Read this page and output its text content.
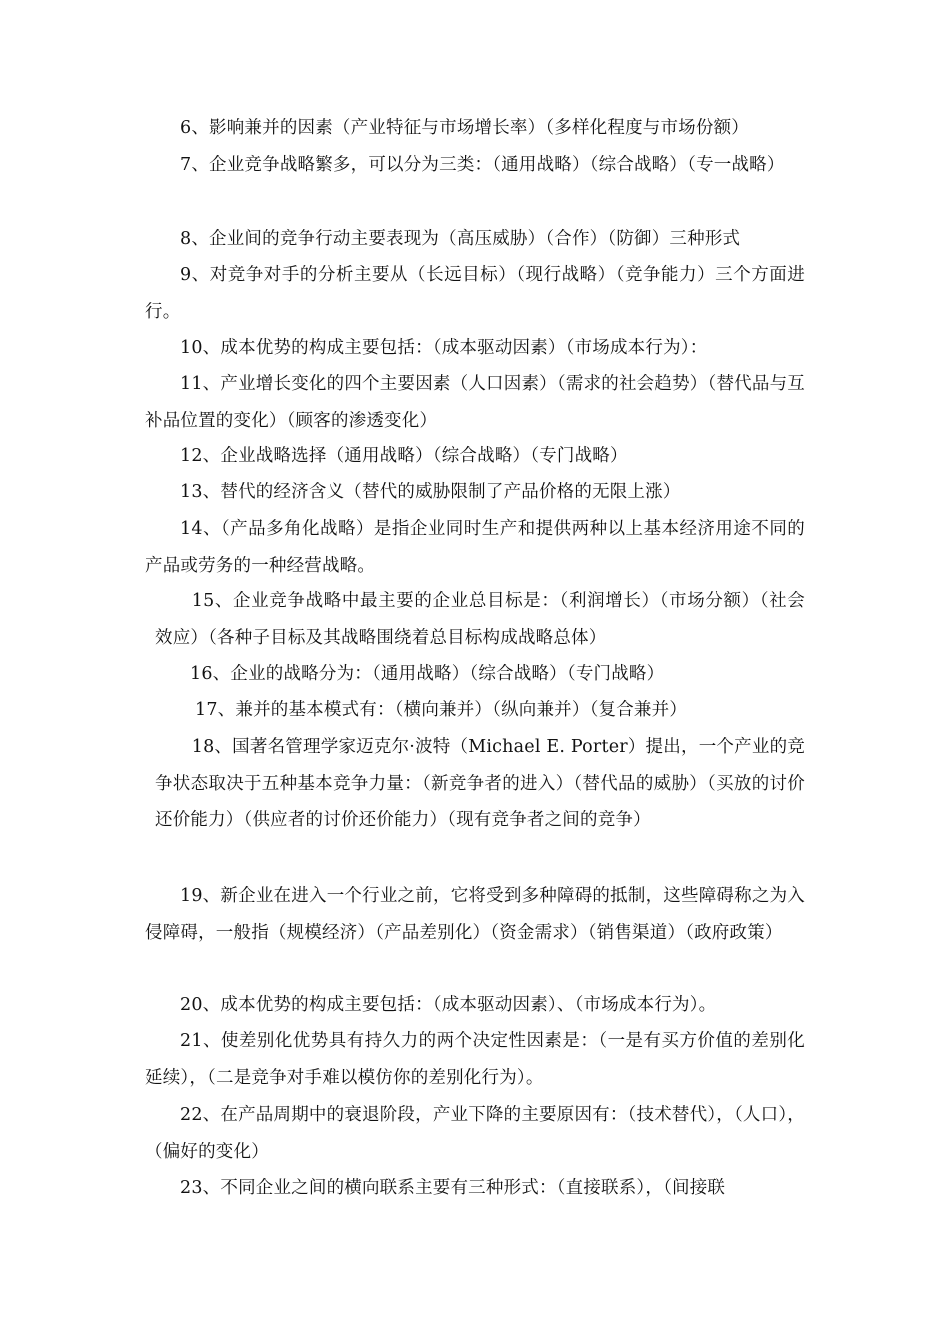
6、影响兼并的因素（产业特征与市场增长率）（多样化程度与市场份额）

7、企业竞争战略繁多，可以分为三类：（通用战略）（综合战略）（专一战略）

8、企业间的竞争行动主要表现为（高压威胁）（合作）（防御）三种形式

9、对竞争对手的分析主要从（长远目标）（现行战略）（竞争能力）三个方面进行。

10、成本优势的构成主要包括：（成本驱动因素）（市场成本行为）：

11、产业增长变化的四个主要因素（人口因素）（需求的社会趋势）（替代品与互补品位置的变化）（顾客的渗透变化）

12、企业战略选择（通用战略）（综合战略）（专门战略）

13、替代的经济含义（替代的威胁限制了产品价格的无限上涨）

14、（产品多角化战略）是指企业同时生产和提供两种以上基本经济用途不同的产品或劳务的一种经营战略。

15、企业竞争战略中最主要的企业总目标是：（利润增长）（市场分额）（社会效应）（各种子目标及其战略围绕着总目标构成战略总体）

16、企业的战略分为：（通用战略）（综合战略）（专门战略）

17、兼并的基本模式有：（横向兼并）（纵向兼并）（复合兼并）

18、国著名管理学家迈克尔·波特（Michael E. Porter）提出，一个产业的竞争状态取决于五种基本竞争力量：（新竞争者的进入）（替代品的威胁）（买放的讨价还价能力）（供应者的讨价还价能力）（现有竞争者之间的竞争）

19、新企业在进入一个行业之前，它将受到多种障碍的抵制，这些障碍称之为入侵障碍，一般指（规模经济）（产品差别化）（资金需求）（销售渠道）（政府政策）

20、成本优势的构成主要包括：（成本驱动因素）、（市场成本行为）。

21、使差别化优势具有持久力的两个决定性因素是：（一是有买方价值的差别化延续），（二是竞争对手难以模仿你的差别化行为）。

22、在产品周期中的衰退阶段，产业下降的主要原因有：（技术替代），（人口），（偏好的变化）

23、不同企业之间的横向联系主要有三种形式：（直接联系），（间接联
